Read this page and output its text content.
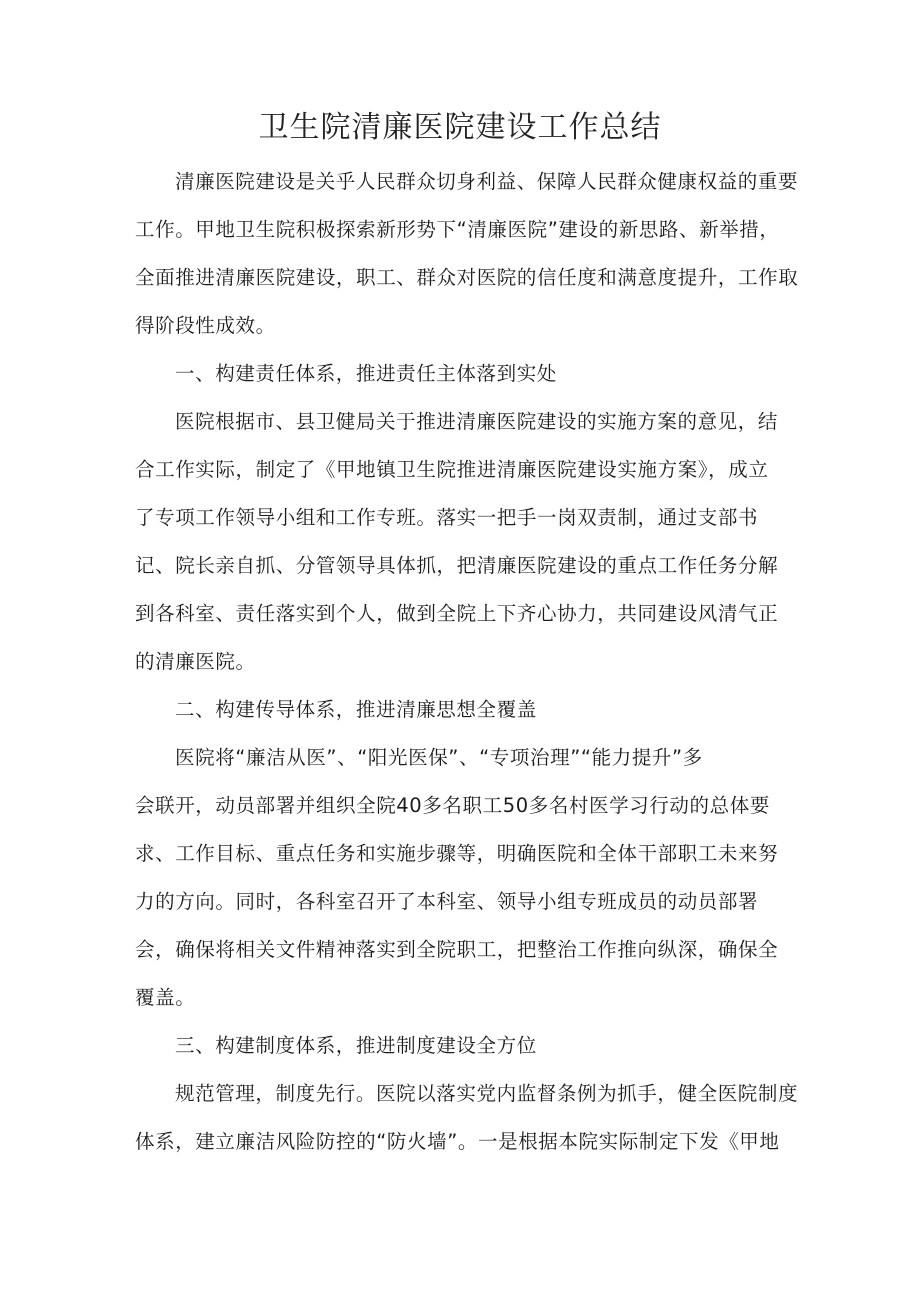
卫生院清廉医院建设工作总结
清廉医院建设是关乎人民群众切身利益、保障人民群众健康权益的重要
工作。甲地卫生院积极探索新形势下“清廉医院”建设的新思路、新举措，
全面推进清廉医院建设，职工、群众对医院的信任度和满意度提升，工作取
得阶段性成效。
一、构建责任体系，推进责任主体落到实处
医院根据市、县卫健局关于推进清廉医院建设的实施方案的意见，结
合工作实际，制定了《甲地镇卫生院推进清廉医院建设实施方案》，成立
了专项工作领导小组和工作专班。落实一把手一岗双责制，通过支部书
记、院长亲自抓、分管领导具体抓，把清廉医院建设的重点工作任务分解
到各科室、责任落实到个人，做到全院上下齐心协力，共同建设风清气正
的清廉医院。
二、构建传导体系，推进清廉思想全覆盖
医院将“廉洁从医”、“阳光医保”、“专项治理”“能力提升”多
会联开，动员部署并组织全院40多名职工50多名村医学习行动的总体要
求、工作目标、重点任务和实施步骤等，明确医院和全体干部职工未来努
力的方向。同时，各科室召开了本科室、领导小组专班成员的动员部署
会，确保将相关文件精神落实到全院职工，把整治工作推向纵深，确保全
覆盖。
三、构建制度体系，推进制度建设全方位
规范管理，制度先行。医院以落实党内监督条例为抓手，健全医院制度
体系，建立廉洁风险防控的“防火墙”。一是根据本院实际制定下发《甲地
